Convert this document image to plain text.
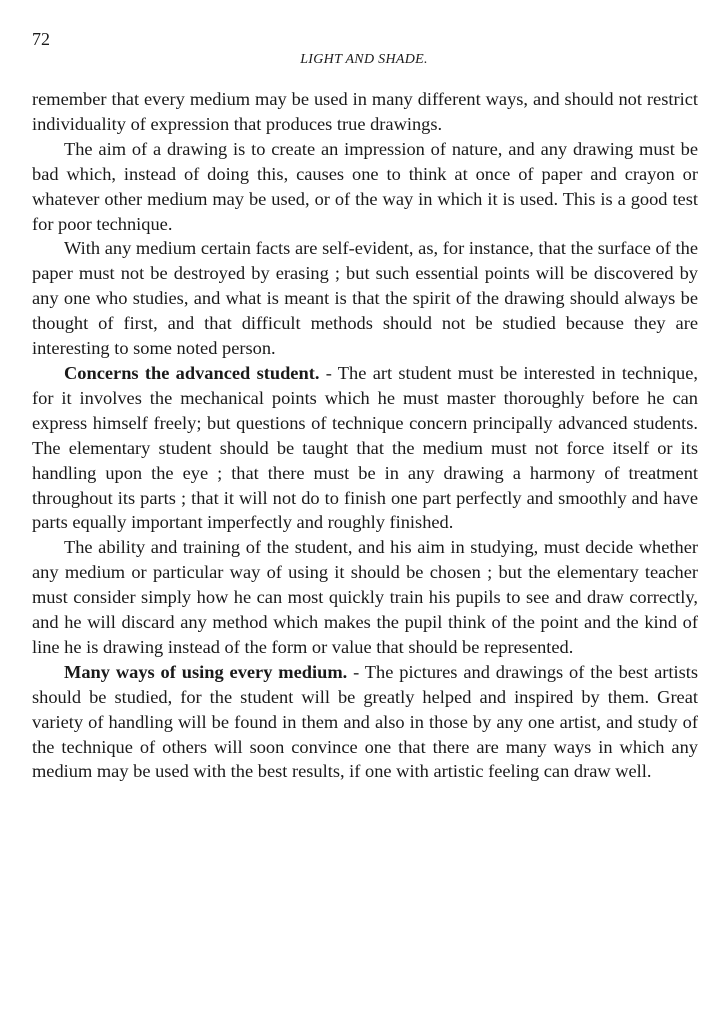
72
LIGHT AND SHADE.

remember that every medium may be used in many different ways, and should not restrict individuality of expression that produces true drawings.

The aim of a drawing is to create an impression of nature, and any drawing must be bad which, instead of doing this, causes one to think at once of paper and crayon or whatever other medium may be used, or of the way in which it is used. This is a good test for poor technique.

With any medium certain facts are self-evident, as, for instance, that the surface of the paper must not be destroyed by erasing ; but such essential points will be discovered by any one who studies, and what is meant is that the spirit of the drawing should always be thought of first, and that difficult methods should not be studied because they are interesting to some noted person.

Concerns the advanced student. - The art student must be interested in technique, for it involves the mechanical points which he must master thoroughly before he can express himself freely; but questions of technique concern principally advanced students. The elementary student should be taught that the medium must not force itself or its handling upon the eye ; that there must be in any drawing a harmony of treatment throughout its parts ; that it will not do to finish one part perfectly and smoothly and have parts equally important imperfectly and roughly finished.

The ability and training of the student, and his aim in studying, must decide whether any medium or particular way of using it should be chosen ; but the elementary teacher must consider simply how he can most quickly train his pupils to see and draw correctly, and he will discard any method which makes the pupil think of the point and the kind of line he is drawing instead of the form or value that should be represented.

Many ways of using every medium. - The pictures and drawings of the best artists should be studied, for the student will be greatly helped and inspired by them. Great variety of handling will be found in them and also in those by any one artist, and study of the technique of others will soon convince one that there are many ways in which any medium may be used with the best results, if one with artistic feeling can draw well.
